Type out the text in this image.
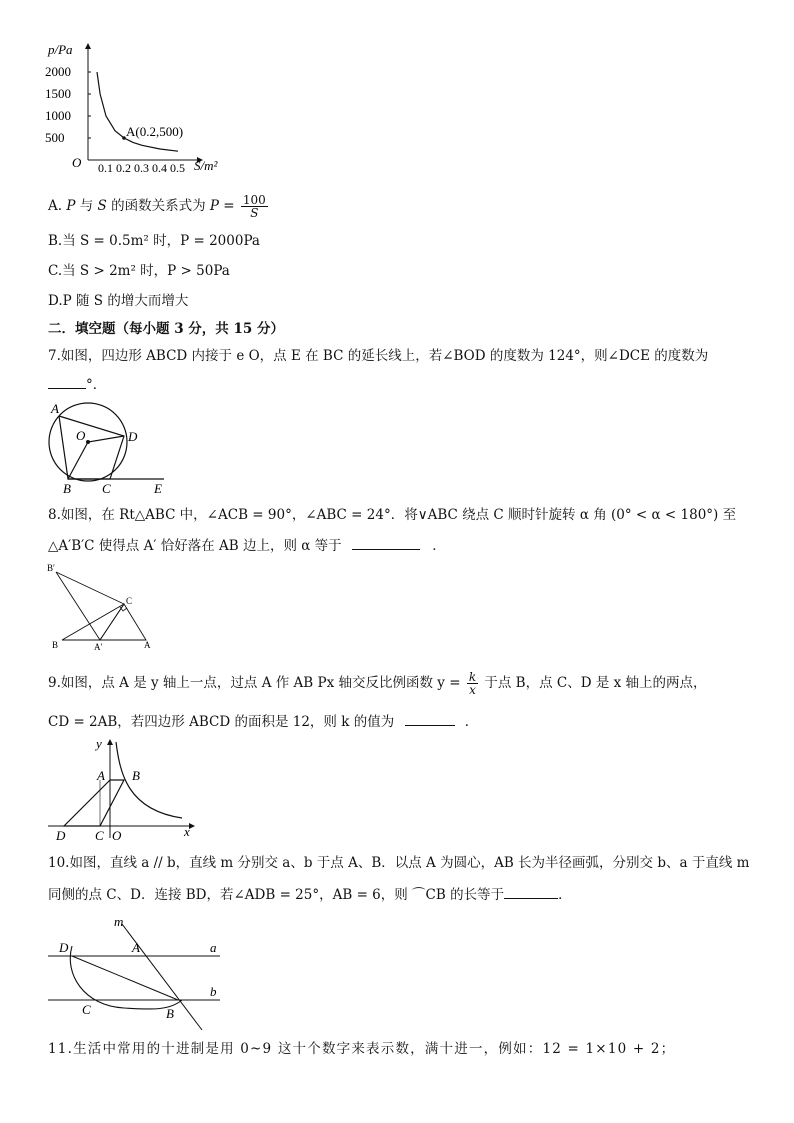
p/Pa
O	S/m²
2000
1500
1000
500
0.1 0.2 0.3 0.4 0.5
A(0.2,500)
A. P 与 S 的函数关系式为 $P = \frac{100}{S}$
B.当 S = 0.5m² 时，P = 2000Pa
C.当 S > 2m² 时，P > 50Pa
D.P 随 S 的增大而增大
二．填空题（每小题 3 分，共 15 分）
7.如图，四边形 ABCD 内接于 e O，点 E 在 BC 的延长线上，若∠BOD 的度数为 124°，则∠DCE 的度数为
°．
A
O	D
B C	E
8.如图，在 Rt△ABC 中，∠ACB = 90°，∠ABC = 24°．将∨ABC 绕点 C 顺时针旋转 α 角 (0° < α < 180°) 至
△A′B′C 使得点 A′ 恰好落在 AB 边上，则 α 等于	．
B′
C
B	A′	A
9.如图，点 A 是 y 轴上一点，过点 A 作 AB Px 轴交反比例函数 $y = \frac{k}{x}$ 于点 B，点 C、D 是 x 轴上的两点，
CD = 2AB，若四边形 ABCD 的面积是 12，则 k 的值为	．
y
A B
D C O	x
10.如图，直线 a // b，直线 m 分别交 a、b 于点 A、B．以点 A 为圆心，AB 长为半径画弧，分别交 b、a 于直线 m
同侧的点 C、D．连接 BD，若∠ADB = 25°，AB = 6，则 ⌒CB 的长等于	．
m
D	A	a
b
C	B
11.生活中常用的十进制是用 0~9 这十个数字来表示数，满十进一，例如：12 = 1×10 + 2；
